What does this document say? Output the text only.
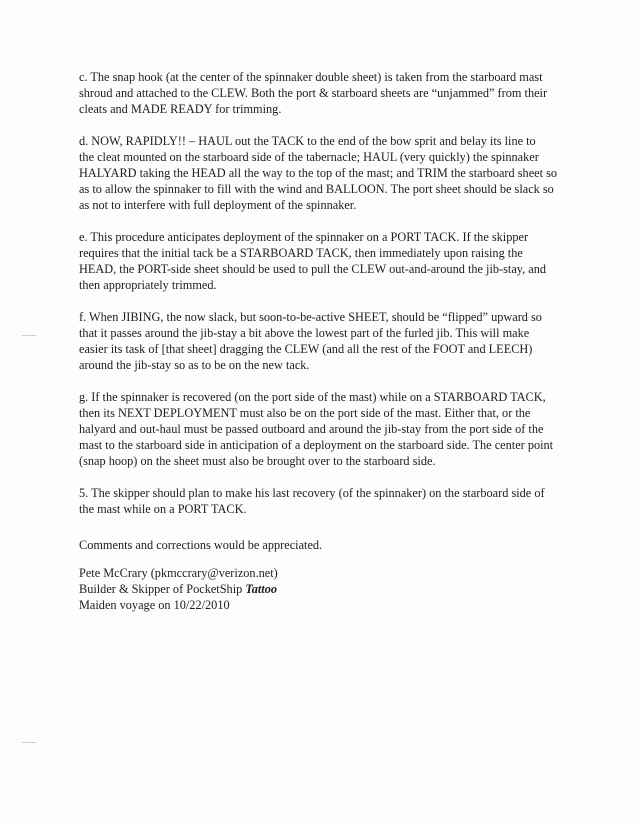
c. The snap hook (at the center of the spinnaker double sheet) is taken from the starboard mast
shroud and attached to the CLEW. Both the port & starboard sheets are “unjammed” from their
cleats and MADE READY for trimming.

d. NOW, RAPIDLY!! – HAUL out the TACK to the end of the bow sprit and belay its line to
the cleat mounted on the starboard side of the tabernacle; HAUL (very quickly) the spinnaker
HALYARD taking the HEAD all the way to the top of the mast; and TRIM the starboard sheet so
as to allow the spinnaker to fill with the wind and BALLOON. The port sheet should be slack so
as not to interfere with full deployment of the spinnaker.

e. This procedure anticipates deployment of the spinnaker on a PORT TACK. If the skipper
requires that the initial tack be a STARBOARD TACK, then immediately upon raising the
HEAD, the PORT-side sheet should be used to pull the CLEW out-and-around the jib-stay, and
then appropriately trimmed.

f. When JIBING, the now slack, but soon-to-be-active SHEET, should be “flipped” upward so
that it passes around the jib-stay a bit above the lowest part of the furled jib. This will make
easier its task of [that sheet] dragging the CLEW (and all the rest of the FOOT and LEECH)
around the jib-stay so as to be on the new tack.

g. If the spinnaker is recovered (on the port side of the mast) while on a STARBOARD TACK,
then its NEXT DEPLOYMENT must also be on the port side of the mast. Either that, or the
halyard and out-haul must be passed outboard and around the jib-stay from the port side of the
mast to the starboard side in anticipation of a deployment on the starboard side. The center point
(snap hoop) on the sheet must also be brought over to the starboard side.

5. The skipper should plan to make his last recovery (of the spinnaker) on the starboard side of
the mast while on a PORT TACK.

Comments and corrections would be appreciated.

Pete McCrary (pkmccrary@verizon.net)
Builder & Skipper of PocketShip Tattoo
Maiden voyage on 10/22/2010
